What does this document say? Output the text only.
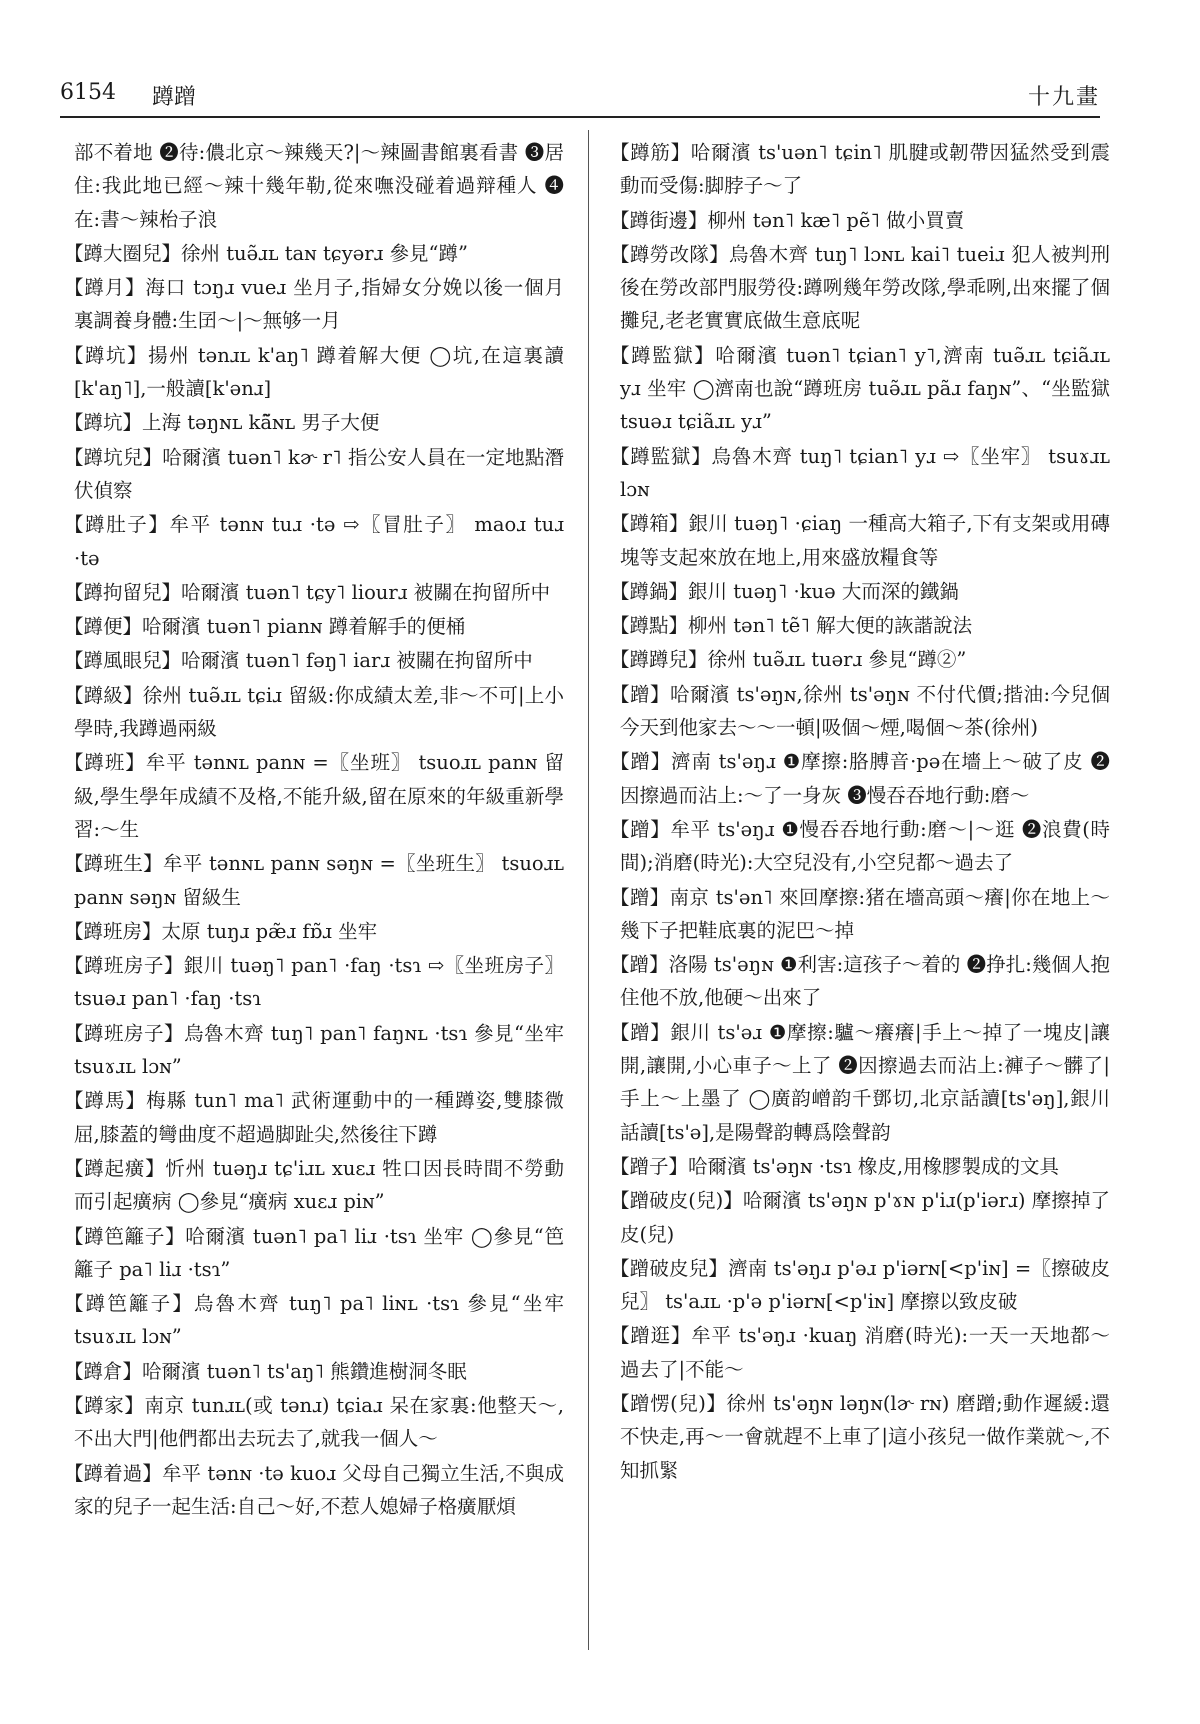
6154 蹲蹭	十九畫

部不着地 ❷待:儂北京～辣幾天?|～辣圖書館裏看書 ❸居住:我此地已經～辣十幾年勒,從來嘸没碰着過辩種人 ❹在:書～辣枱子浪

【蹲大圈兒】徐州 tuə̃ɹʟ taɴ tɕyərɹ 參見“蹲”

【蹲月】海口 tɔŋɹ vueɹ 坐月子,指婦女分娩以後一個月裏調養身體:生囝～|～無够一月

【蹲坑】揚州 tənɹʟ k'aŋ˥ 蹲着解大便 ◯坑,在這裏讀[k'aŋ˥],一般讀[k'ənɹ]

【蹲坑】上海 təŋɴʟ kã̃ɴʟ 男子大便

【蹲坑兒】哈爾濱 tuən˥ kɚ r˥ 指公安人員在一定地點潛伏偵察

【蹲肚子】牟平 tənɴ tuɹ ·tə ⇨〖冒肚子〗 maoɹ tuɹ ·tə

【蹲拘留兒】哈爾濱 tuən˥ tɕy˥ liourɹ 被關在拘留所中

【蹲便】哈爾濱 tuən˥ pianɴ 蹲着解手的便桶

【蹲風眼兒】哈爾濱 tuən˥ fəŋ˥ iarɹ 被關在拘留所中

【蹲級】徐州 tuə̃ɹʟ tɕiɹ 留級:你成績太差,非～不可|上小學時,我蹲過兩級

【蹲班】牟平 tənɴʟ panɴ =〖坐班〗 tsuoɹʟ panɴ 留級,學生學年成績不及格,不能升級,留在原來的年級重新學習:～生

【蹲班生】牟平 tənɴʟ panɴ səŋɴ =〖坐班生〗 tsuoɹʟ panɴ səŋɴ 留級生

【蹲班房】太原 tuŋɹ pæ̃ɹ fɒ̃ɹ 坐牢

【蹲班房子】銀川 tuəŋ˥ pan˥ ·faŋ ·tsɿ ⇨〖坐班房子〗 tsuəɹ pan˥ ·faŋ ·tsɿ

【蹲班房子】烏魯木齊 tuŋ˥ pan˥ faŋɴʟ ·tsɿ 參見“坐牢 tsuɤɹʟ lɔɴ”

【蹲馬】梅縣 tun˥ ma˥ 武術運動中的一種蹲姿,雙膝微屈,膝蓋的彎曲度不超過脚趾尖,然後往下蹲

【蹲起癀】忻州 tuəŋɹ tɕ'iɹʟ xuɛɹ 牲口因長時間不勞動而引起癀病 ◯參見“癀病 xuɛɹ piɴ”

【蹲笆籬子】哈爾濱 tuən˥ pa˥ liɹ ·tsɿ 坐牢 ◯參見“笆籬子 pa˥ liɹ ·tsɿ”

【蹲笆籬子】烏魯木齊 tuŋ˥ pa˥ liɴʟ ·tsɿ 參見“坐牢 tsuɤɹʟ lɔɴ”

【蹲倉】哈爾濱 tuən˥ ts'aŋ˥ 熊鑽進樹洞冬眠

【蹲家】南京 tunɹʟ(或 tənɹ) tɕiaɹ 呆在家裏:他整天～,不出大門|他們都出去玩去了,就我一個人～

【蹲着過】牟平 tənɴ ·tə kuoɹ 父母自己獨立生活,不與成家的兒子一起生活:自己～好,不惹人媳婦子格癀厭煩

【蹲筋】哈爾濱 ts'uən˥ tɕin˥ 肌腱或韌帶因猛然受到震動而受傷:脚脖子～了

【蹲街邊】柳州 tən˥ kæ˥ pẽ˥ 做小買賣

【蹲勞改隊】烏魯木齊 tuŋ˥ lɔɴʟ kai˥ tueiɹ 犯人被判刑後在勞改部門服勞役:蹲咧幾年勞改隊,學乖咧,出來擺了個攤兒,老老實實底做生意底呢

【蹲監獄】哈爾濱 tuən˥ tɕian˥ y˥,濟南 tuə̃ɹʟ tɕiãɹʟ yɹ 坐牢 ◯濟南也說“蹲班房 tuə̃ɹʟ pãɹ faŋɴ”、“坐監獄 tsuəɹ tɕiãɹʟ yɹ”

【蹲監獄】烏魯木齊 tuŋ˥ tɕian˥ yɹ ⇨〖坐牢〗 tsuɤɹʟ lɔɴ

【蹲箱】銀川 tuəŋ˥ ·ɕiaŋ 一種高大箱子,下有支架或用磚塊等支起來放在地上,用來盛放糧食等

【蹲鍋】銀川 tuəŋ˥ ·kuə 大而深的鐵鍋

【蹲點】柳州 tən˥ tẽ˥ 解大便的詼諧說法

【蹲蹲兒】徐州 tuə̃ɹʟ tuərɹ 參見“蹲②”

【蹭】哈爾濱 ts'əŋɴ,徐州 ts'əŋɴ 不付代價;揩油:今兒個今天到他家去～～一頓|吸個～煙,喝個～茶(徐州)

【蹭】濟南 ts'əŋɹ ❶摩擦:胳膊音·pə在墻上～破了皮 ❷因擦過而沾上:～了一身灰 ❸慢吞吞地行動:磨～

【蹭】牟平 ts'əŋɹ ❶慢吞吞地行動:磨～|～逛 ❷浪費(時間);消磨(時光):大空兒没有,小空兒都～過去了

【蹭】南京 ts'ən˥ 來回摩擦:猪在墻高頭～癢|你在地上～幾下子把鞋底裏的泥巴～掉

【蹭】洛陽 ts'əŋɴ ❶利害:這孩子～着的 ❷挣扎:幾個人抱住他不放,他硬～出來了

【蹭】銀川 ts'əɹ ❶摩擦:驢～癢癢|手上～掉了一塊皮|讓開,讓開,小心車子～上了 ❷因擦過去而沾上:褲子～髒了|手上～上墨了 ◯廣韵嶒韵千鄧切,北京話讀[ts'əŋ],銀川話讀[ts'ə],是陽聲韵轉爲陰聲韵

【蹭子】哈爾濱 ts'əŋɴ ·tsɿ 橡皮,用橡膠製成的文具

【蹭破皮(兒)】哈爾濱 ts'əŋɴ p'ɤɴ p'iɹ(p'iərɹ) 摩擦掉了皮(兒)

【蹭破皮兒】濟南 ts'əŋɹ p'əɹ p'iərɴ[<p'iɴ] =〖擦破皮兒〗 ts'aɹʟ ·p'ə p'iərɴ[<p'iɴ] 摩擦以致皮破

【蹭逛】牟平 ts'əŋɹ ·kuaŋ 消磨(時光):一天一天地都～過去了|不能～

【蹭愣(兒)】徐州 ts'əŋɴ ləŋɴ(lɚ rɴ) 磨蹭;動作遲緩:還不快走,再～一會就趕不上車了|這小孩兒一做作業就～,不知抓緊
